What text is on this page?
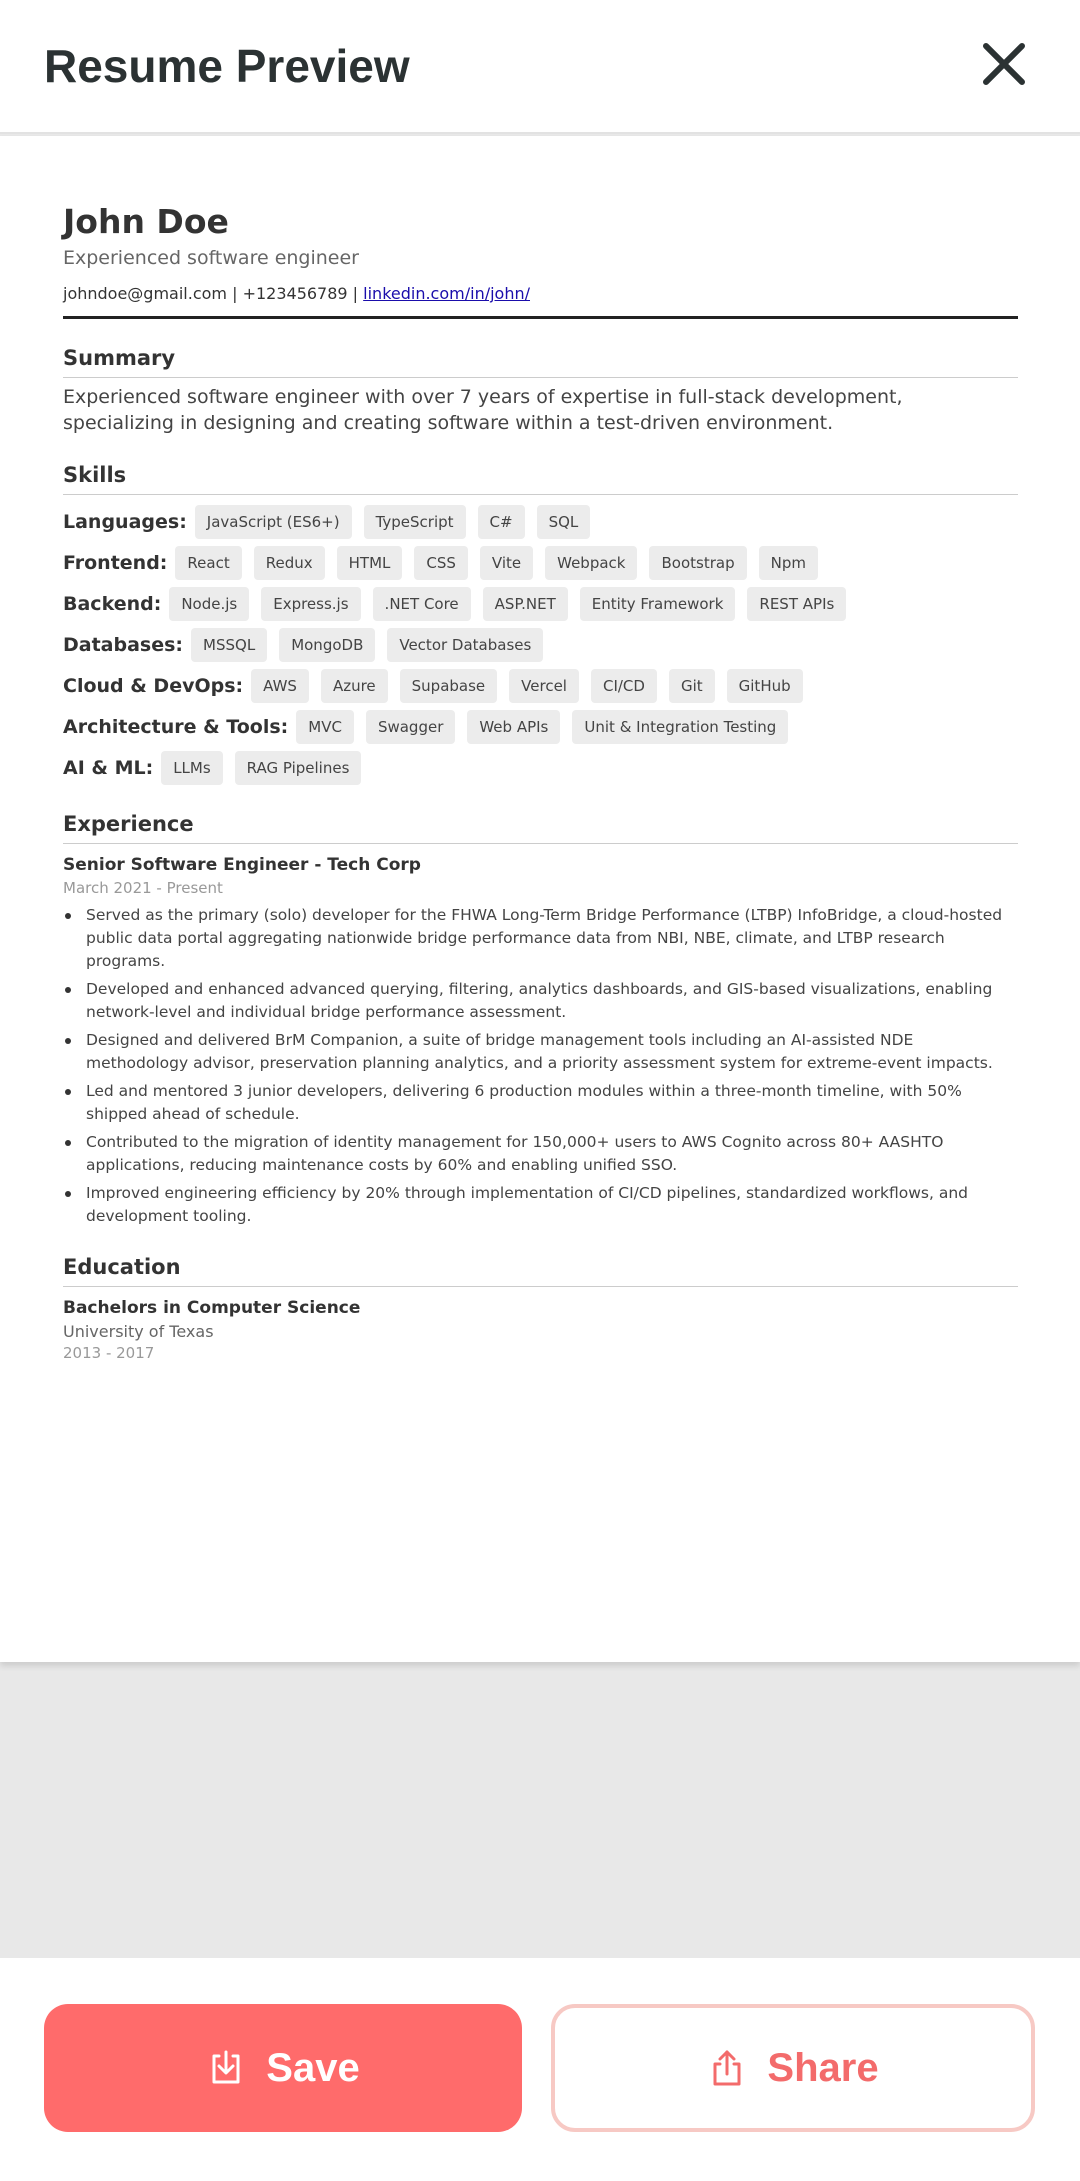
Resume Preview
John Doe
Experienced software engineer
johndoe@gmail.com | +123456789 | linkedin.com/in/john/
Summary
Experienced software engineer with over 7 years of expertise in full-stack development, specializing in designing and creating software within a test-driven environment.
Skills
Languages:	JavaScript (ES6+)	TypeScript	C#	SQL
Frontend:	React	Redux	HTML	CSS	Vite	Webpack	Bootstrap	Npm
Backend:	Node.js	Express.js	.NET Core	ASP.NET	Entity Framework	REST APIs
Databases:	MSSQL	MongoDB	Vector Databases
Cloud & DevOps:	AWS	Azure	Supabase	Vercel	CI/CD	Git	GitHub
Architecture & Tools:	MVC	Swagger	Web APIs	Unit & Integration Testing
AI & ML:	LLMs	RAG Pipelines
Experience
Senior Software Engineer - Tech Corp
March 2021 - Present
Served as the primary (solo) developer for the FHWA Long-Term Bridge Performance (LTBP) InfoBridge, a cloud-hosted public data portal aggregating nationwide bridge performance data from NBI, NBE, climate, and LTBP research programs.
Developed and enhanced advanced querying, filtering, analytics dashboards, and GIS-based visualizations, enabling network-level and individual bridge performance assessment.
Designed and delivered BrM Companion, a suite of bridge management tools including an AI-assisted NDE methodology advisor, preservation planning analytics, and a priority assessment system for extreme-event impacts.
Led and mentored 3 junior developers, delivering 6 production modules within a three-month timeline, with 50% shipped ahead of schedule.
Contributed to the migration of identity management for 150,000+ users to AWS Cognito across 80+ AASHTO applications, reducing maintenance costs by 60% and enabling unified SSO.
Improved engineering efficiency by 20% through implementation of CI/CD pipelines, standardized workflows, and development tooling.
Education
Bachelors in Computer Science
University of Texas
2013 - 2017
Save	Share
